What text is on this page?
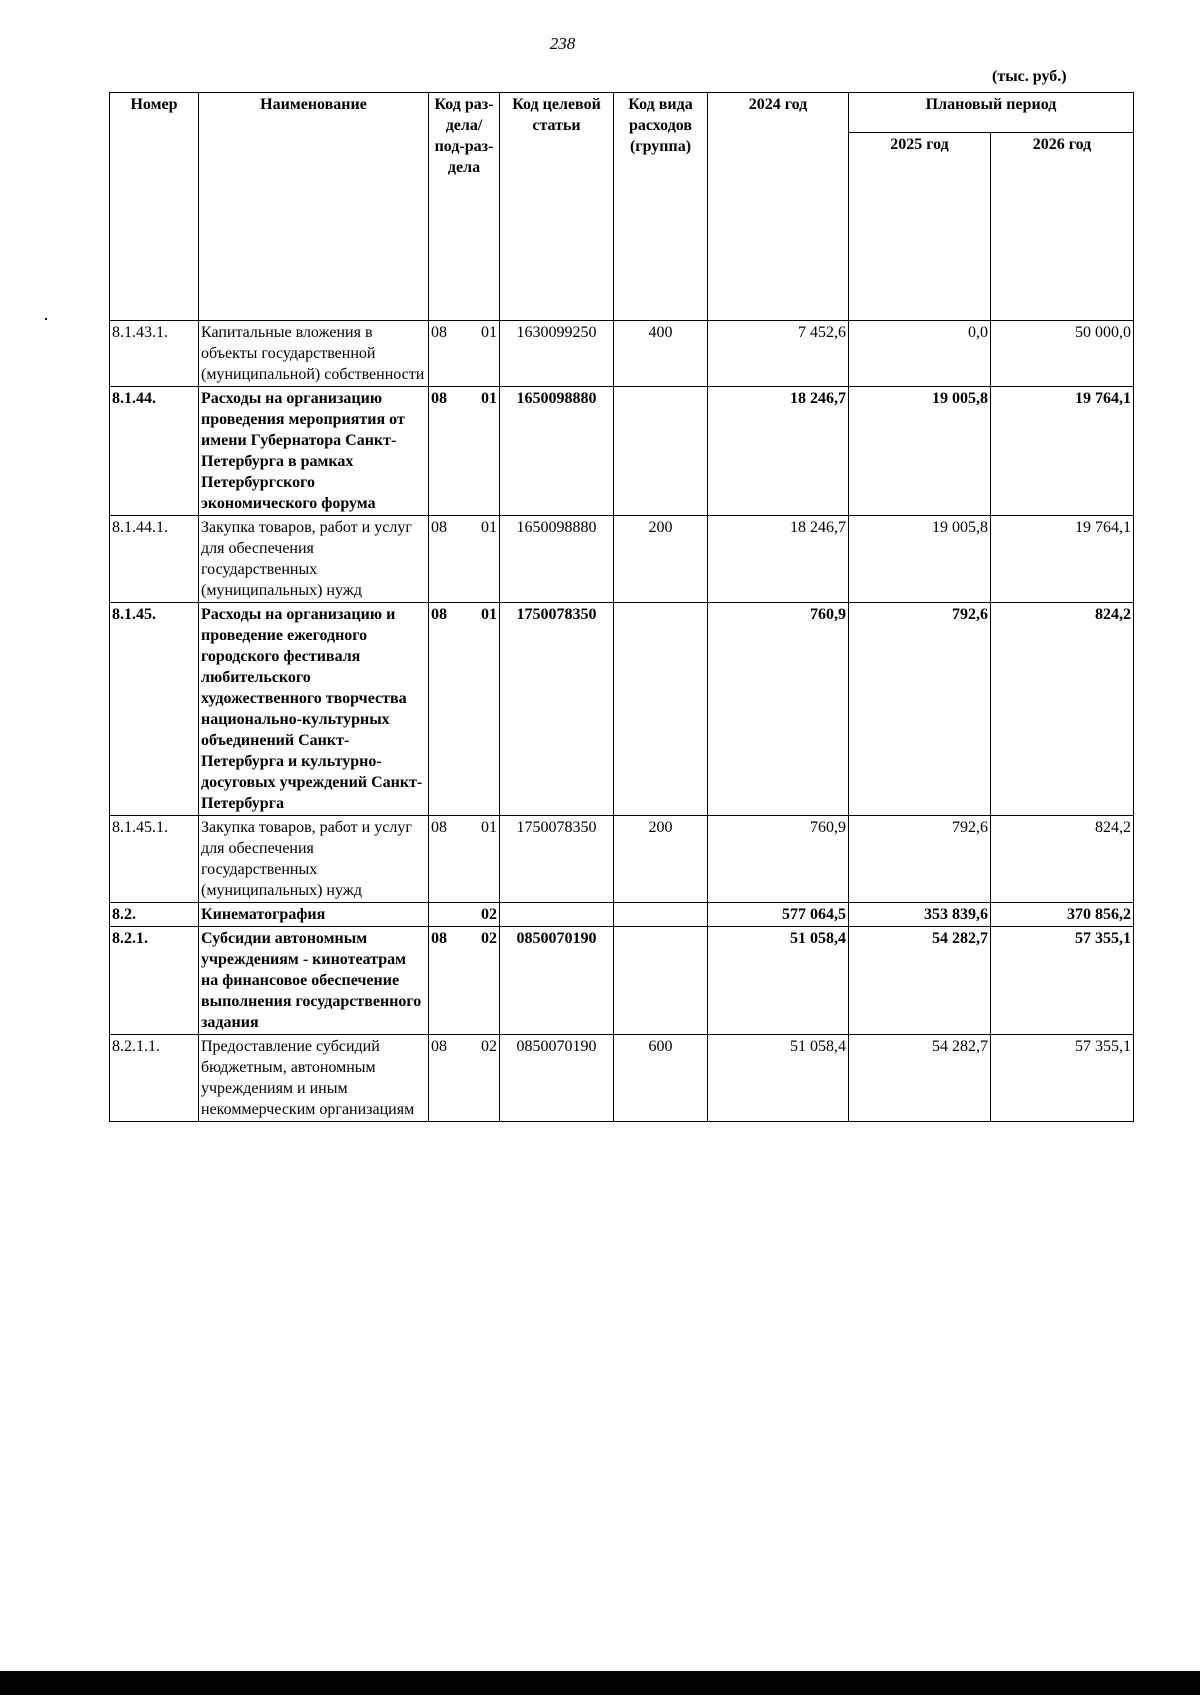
238
(тыс. руб.)
Номер	Наименование	Код раз-дела/ под-раз-дела	Код целевой статьи	Код вида расходов (группа)	2024 год	Плановый период	
						2025 год	2026 год
8.1.43.1.	Капитальные вложения в объекты государственной (муниципальной) собственности	08 01	1630099250	400	7 452,6	0,0	50 000,0
8.1.44.	Расходы на организацию проведения мероприятия от имени Губернатора Санкт-Петербурга в рамках Петербургского экономического форума	08 01	1650098880		18 246,7	19 005,8	19 764,1
8.1.44.1.	Закупка товаров, работ и услуг для обеспечения государственных (муниципальных) нужд	08 01	1650098880	200	18 246,7	19 005,8	19 764,1
8.1.45.	Расходы на организацию и проведение ежегодного городского фестиваля любительского художественного творчества национально-культурных объединений Санкт-Петербурга и культурно-досуговых учреждений Санкт-Петербурга	08 01	1750078350		760,9	792,6	824,2
8.1.45.1.	Закупка товаров, работ и услуг для обеспечения государственных (муниципальных) нужд	08 01	1750078350	200	760,9	792,6	824,2
8.2.	Кинематография	02			577 064,5	353 839,6	370 856,2
8.2.1.	Субсидии автономным учреждениям - кинотеатрам на финансовое обеспечение выполнения государственного задания	08 02	0850070190		51 058,4	54 282,7	57 355,1
8.2.1.1.	Предоставление субсидий бюджетным, автономным учреждениям и иным некоммерческим организациям	08 02	0850070190	600	51 058,4	54 282,7	57 355,1
